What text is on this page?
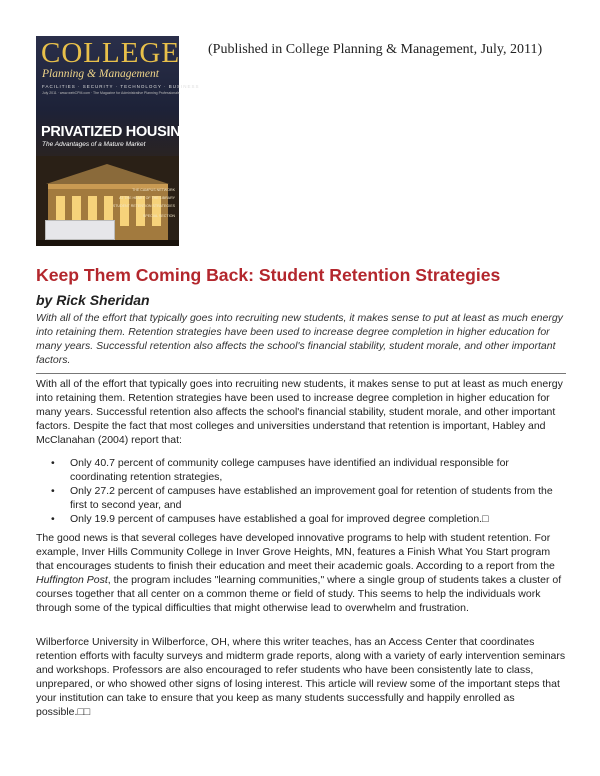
COLLEGE
Planning & Management
FACILITIES · SECURITY · TECHNOLOGY · BUSINESS
July 2011 · www.webCPM.com · The Magazine for Administrative Planning Professionals
PRIVATIZED HOUSING
The Advantages of a Mature Market
THE CAMPUS NETWORK
AT THE HEART OF THE LIBRARY
STUDENT RETENTION STRATEGIES
SPECIAL SECTION
(Published in College Planning & Management, July, 2011)
Keep Them Coming Back: Student Retention Strategies
by Rick Sheridan

With all of the effort that typically goes into recruiting new students, it makes sense to put at least as much energy into retaining them. Retention strategies have been used to increase degree completion in higher education for many years. Successful retention also affects the school's financial stability, student morale, and other important factors.

With all of the effort that typically goes into recruiting new students, it makes sense to put at least as much energy into retaining them. Retention strategies have been used to increase degree completion in higher education for many years. Successful retention also affects the school's financial stability, student morale, and other important factors. Despite the fact that most colleges and universities understand that retention is important, Habley and McClanahan (2004) report that:

• Only 40.7 percent of community college campuses have identified an individual responsible for coordinating retention strategies,
• Only 27.2 percent of campuses have established an improvement goal for retention of students from the first to second year, and
• Only 19.9 percent of campuses have established a goal for improved degree completion.□

The good news is that several colleges have developed innovative programs to help with student retention. For example, Inver Hills Community College in Inver Grove Heights, MN, features a Finish What You Start program that encourages students to finish their education and meet their academic goals. According to a report from the Huffington Post, the program includes "learning communities," where a single group of students takes a cluster of courses together that all center on a common theme or field of study. This seems to help the individuals work through some of the typical difficulties that might otherwise lead to overwhelm and frustration.

Wilberforce University in Wilberforce, OH, where this writer teaches, has an Access Center that coordinates retention efforts with faculty surveys and midterm grade reports, along with a variety of early intervention seminars and workshops. Professors are also encouraged to refer students who have been consistently late to class, unprepared, or who showed other signs of losing interest. This article will review some of the important steps that your institution can take to ensure that you keep as many students successfully and happily enrolled as possible.□□
